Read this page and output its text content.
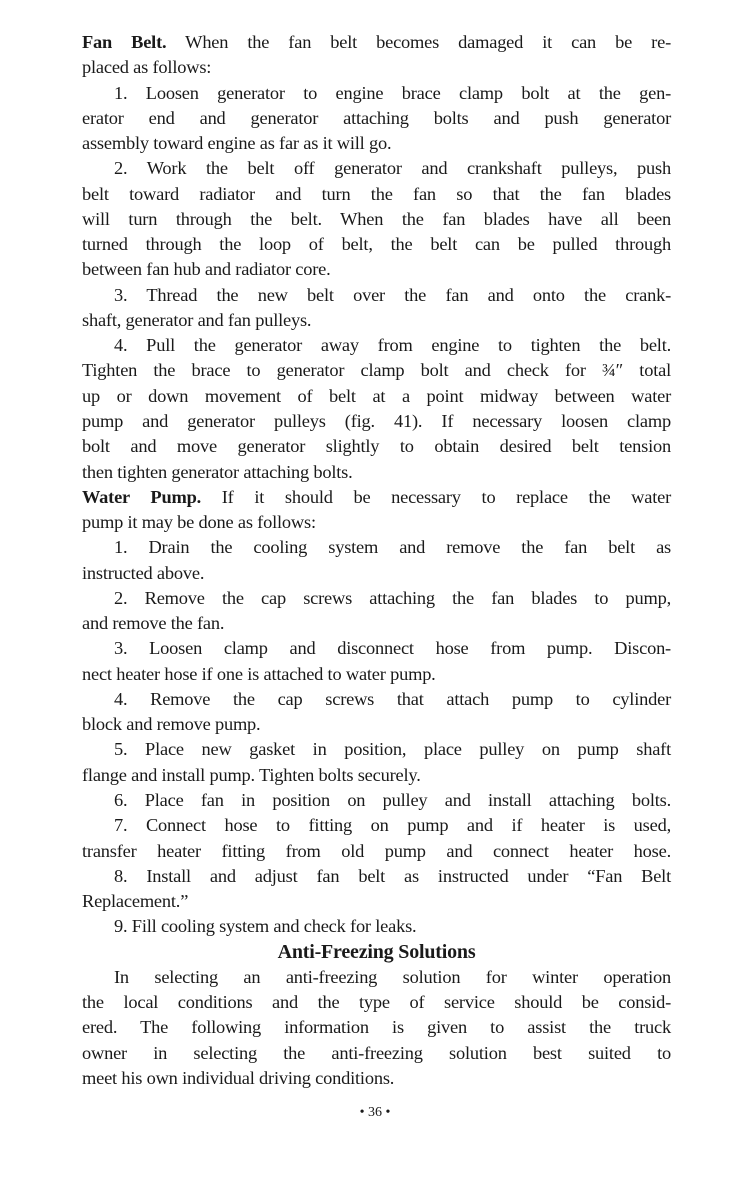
Fan Belt. When the fan belt becomes damaged it can be re-
placed as follows:
1. Loosen generator to engine brace clamp bolt at the gen-
erator end and generator attaching bolts and push generator
assembly toward engine as far as it will go.
2. Work the belt off generator and crankshaft pulleys, push
belt toward radiator and turn the fan so that the fan blades
will turn through the belt. When the fan blades have all been
turned through the loop of belt, the belt can be pulled through
between fan hub and radiator core.
3. Thread the new belt over the fan and onto the crank-
shaft, generator and fan pulleys.
4. Pull the generator away from engine to tighten the belt.
Tighten the brace to generator clamp bolt and check for ¾″ total
up or down movement of belt at a point midway between water
pump and generator pulleys (fig. 41). If necessary loosen clamp
bolt and move generator slightly to obtain desired belt tension
then tighten generator attaching bolts.
Water Pump. If it should be necessary to replace the water
pump it may be done as follows:
1. Drain the cooling system and remove the fan belt as
instructed above.
2. Remove the cap screws attaching the fan blades to pump,
and remove the fan.
3. Loosen clamp and disconnect hose from pump. Discon-
nect heater hose if one is attached to water pump.
4. Remove the cap screws that attach pump to cylinder
block and remove pump.
5. Place new gasket in position, place pulley on pump shaft
flange and install pump. Tighten bolts securely.
6. Place fan in position on pulley and install attaching bolts.
7. Connect hose to fitting on pump and if heater is used,
transfer heater fitting from old pump and connect heater hose.
8. Install and adjust fan belt as instructed under “Fan Belt
Replacement.”
9. Fill cooling system and check for leaks.
Anti-Freezing Solutions
In selecting an anti-freezing solution for winter operation
the local conditions and the type of service should be consid-
ered. The following information is given to assist the truck
owner in selecting the anti-freezing solution best suited to
meet his own individual driving conditions.
• 36 •
